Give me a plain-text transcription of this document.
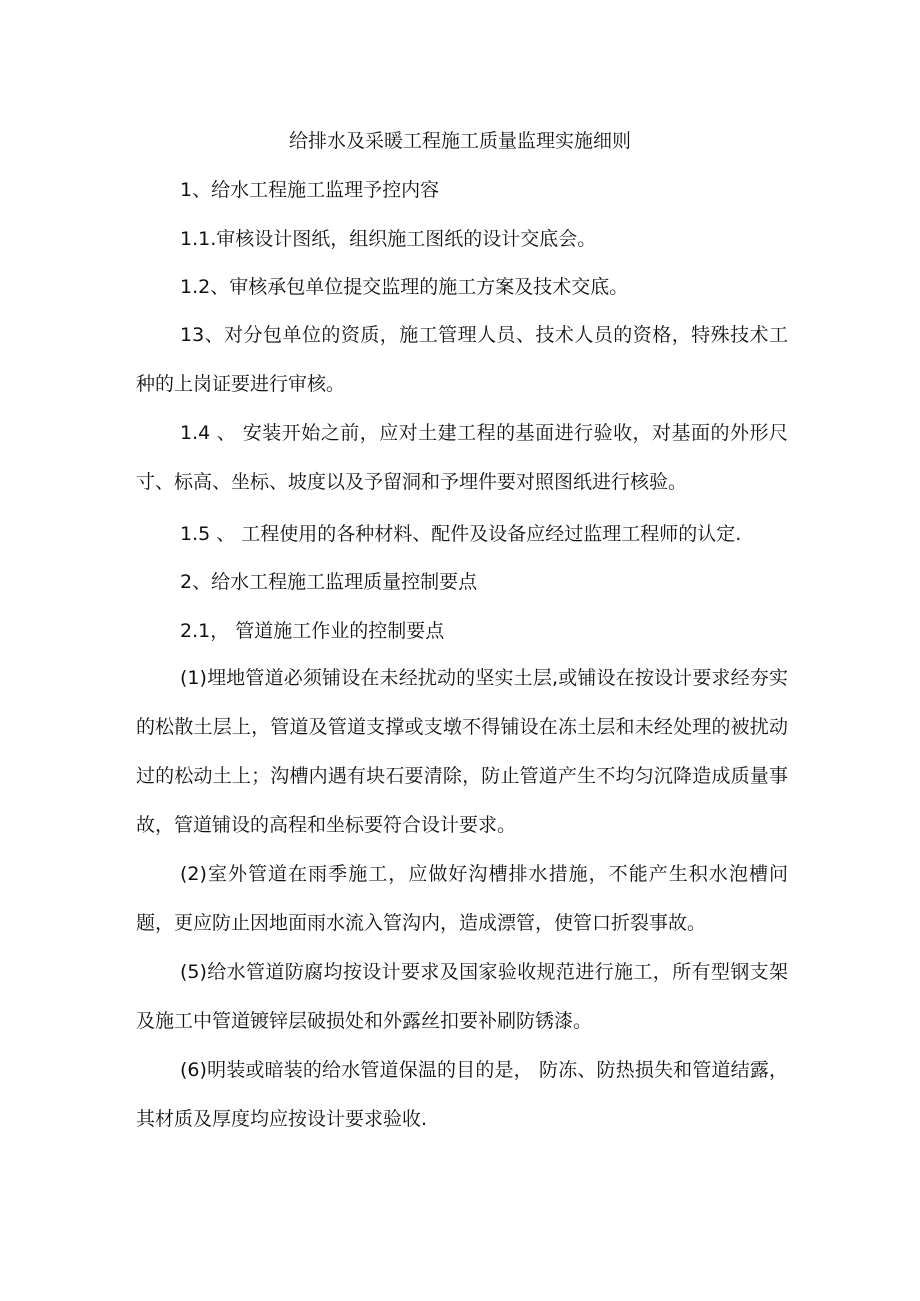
给排水及采暖工程施工质量监理实施细则
1、给水工程施工监理予控内容
1.1.审核设计图纸，组织施工图纸的设计交底会。
1.2、审核承包单位提交监理的施工方案及技术交底。

13、对分包单位的资质，施工管理人员、技术人员的资格，特殊技术工种的上岗证要进行审核。

1.4 、 安装开始之前，应对土建工程的基面进行验收，对基面的外形尺寸、标高、坐标、坡度以及予留洞和予埋件要对照图纸进行核验。

1.5 、 工程使用的各种材料、配件及设备应经过监理工程师的认定.
2、给水工程施工监理质量控制要点
2.1， 管道施工作业的控制要点

(1)埋地管道必须铺设在未经扰动的坚实土层,或铺设在按设计要求经夯实的松散土层上，管道及管道支撑或支墩不得铺设在冻土层和未经处理的被扰动过的松动土上；沟槽内遇有块石要清除，防止管道产生不均匀沉降造成质量事故，管道铺设的高程和坐标要符合设计要求。

(2)室外管道在雨季施工，应做好沟槽排水措施，不能产生积水泡槽问题，更应防止因地面雨水流入管沟内，造成漂管，使管口折裂事故。

(5)给水管道防腐均按设计要求及国家验收规范进行施工，所有型钢支架及施工中管道镀锌层破损处和外露丝扣要补刷防锈漆。

(6)明装或暗装的给水管道保温的目的是， 防冻、防热损失和管道结露，其材质及厚度均应按设计要求验收.
